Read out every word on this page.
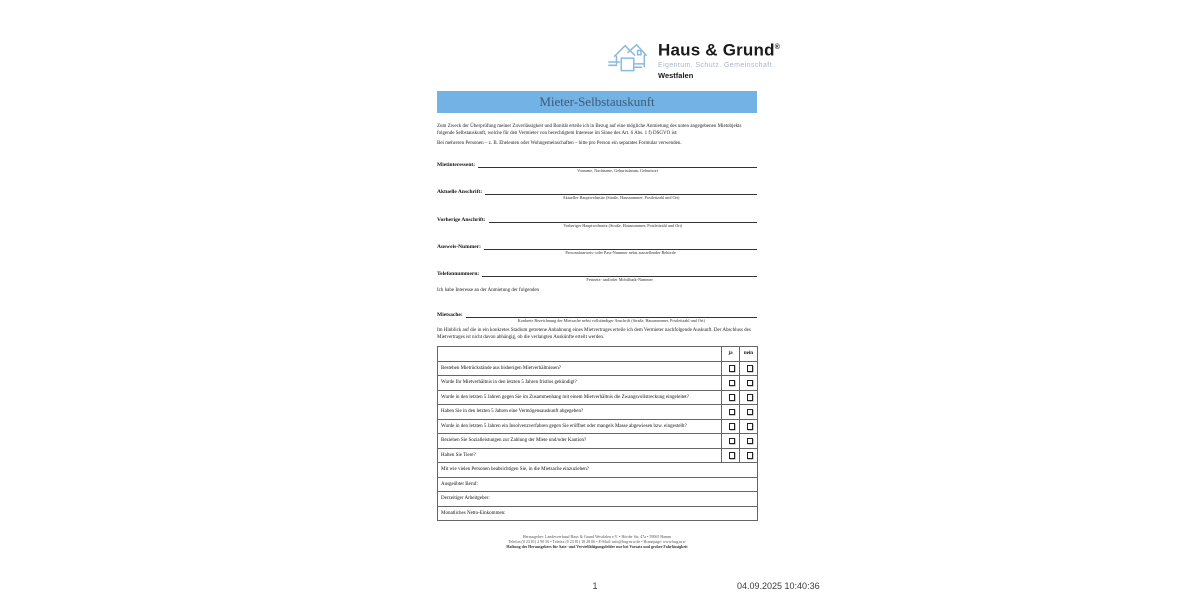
Haus & Grund®
Eigentum. Schutz. Gemeinschaft.
Westfalen
Mieter-Selbstauskunft
Zum Zweck der Überprüfung meiner Zuverlässigkeit und Bonität erteile ich in Bezug auf eine mögliche Anmietung des unten angegebenen Mietobjekts folgende Selbstauskunft, welche für den Vermieter von berechtigtem Interesse im Sinne des Art. 6 Abs. 1 f) DSGVO ist:
Bei mehreren Personen – z. B. Eheleuten oder Wohngemeinschaften – bitte pro Person ein separates Formular verwenden.
Mietinteressent:
Vorname, Nachname, Geburtsdatum, Geburtsort
Aktuelle Anschrift:
Aktueller Hauptwohnsitz (Straße, Hausnummer, Postleitzahl und Ort)
Vorherige Anschrift:
Vorheriger Hauptwohnsitz (Straße, Hausnummer, Postleitzahl und Ort)
Ausweis-Nummer:
Personalausweis- oder Pass-Nummer nebst ausstellender Behörde
Telefonnummern:
Festnetz- und/oder Mobilfunk-Nummer
Ich habe Interesse an der Anmietung der folgenden
Mietsache:
Konkrete Bezeichnung der Mietsache nebst vollständiger Anschrift (Straße, Hausnummer, Postleitzahl und Ort)
Im Hinblick auf die in ein konkretes Stadium getretene Anbahnung eines Mietvertrages erteile ich dem Vermieter nachfolgende Auskunft. Der Abschluss des Mietvertrages ist nicht davon abhängig, ob die verlangten Auskünfte erteilt werden.
	ja	nein
Bestehen Mietrückstände aus bisherigen Mietverhältnissen?	

Wurde Ihr Mietverhältnis in den letzten 5 Jahren fristlos gekündigt?	

Wurde in den letzten 5 Jahren gegen Sie im Zusammenhang mit einem Mietverhältnis die Zwangsvollstreckung eingeleitet?	

Haben Sie in den letzten 5 Jahren eine Vermögensauskunft abgegeben?	

Wurde in den letzten 5 Jahren ein Insolvenzverfahren gegen Sie eröffnet oder mangels Masse abgewiesen bzw. eingestellt?	

Beziehen Sie Sozialleistungen zur Zahlung der Miete und/oder Kaution?	

Halten Sie Tiere?	

Mit wie vielen Personen beabsichtigen Sie, in die Mietsache einzuziehen?		
Ausgeübter Beruf:		
Derzeitiger Arbeitgeber:		
Monatliches Netto-Einkommen:		
Herausgeber: Landesverband Haus & Grund Westfalen e.V. • Hörder Str. 47a • 59065 Hamm
Telefon (0 23 81) 2 90 56 • Telefax (0 23 81) 18 28 06 • E-Mail: info@hug-nrw.de • Homepage: www.hug.nrw
Haftung des Herausgebers für Satz- und Vervielfältigungsfehler nur bei Vorsatz und grober Fahrlässigkeit
1	04.09.2025 10:40:36
